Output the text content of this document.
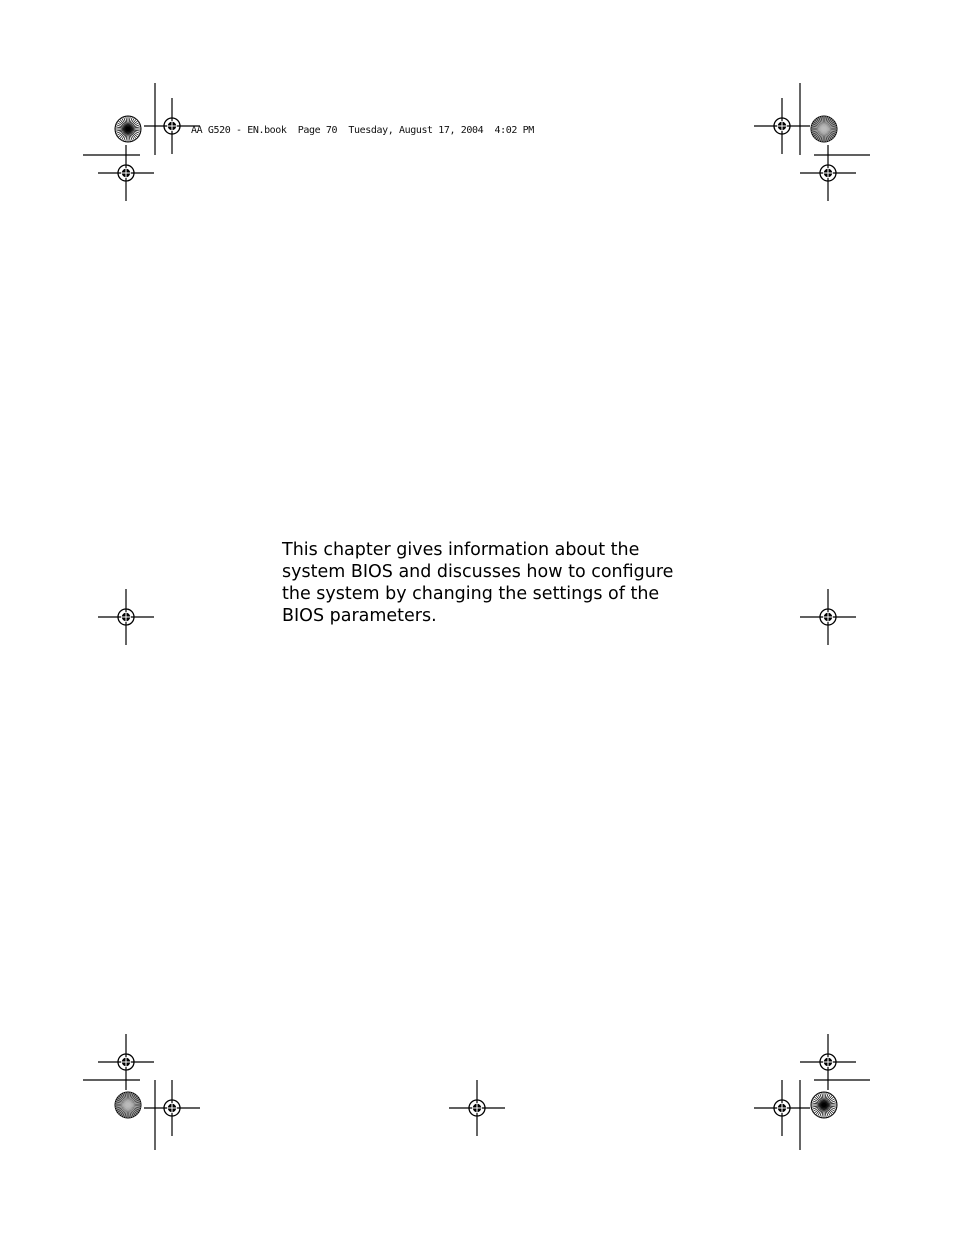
AA G520 - EN.book  Page 70  Tuesday, August 17, 2004  4:02 PM

This chapter gives information about the
system BIOS and discusses how to configure
the system by changing the settings of the
BIOS parameters.
